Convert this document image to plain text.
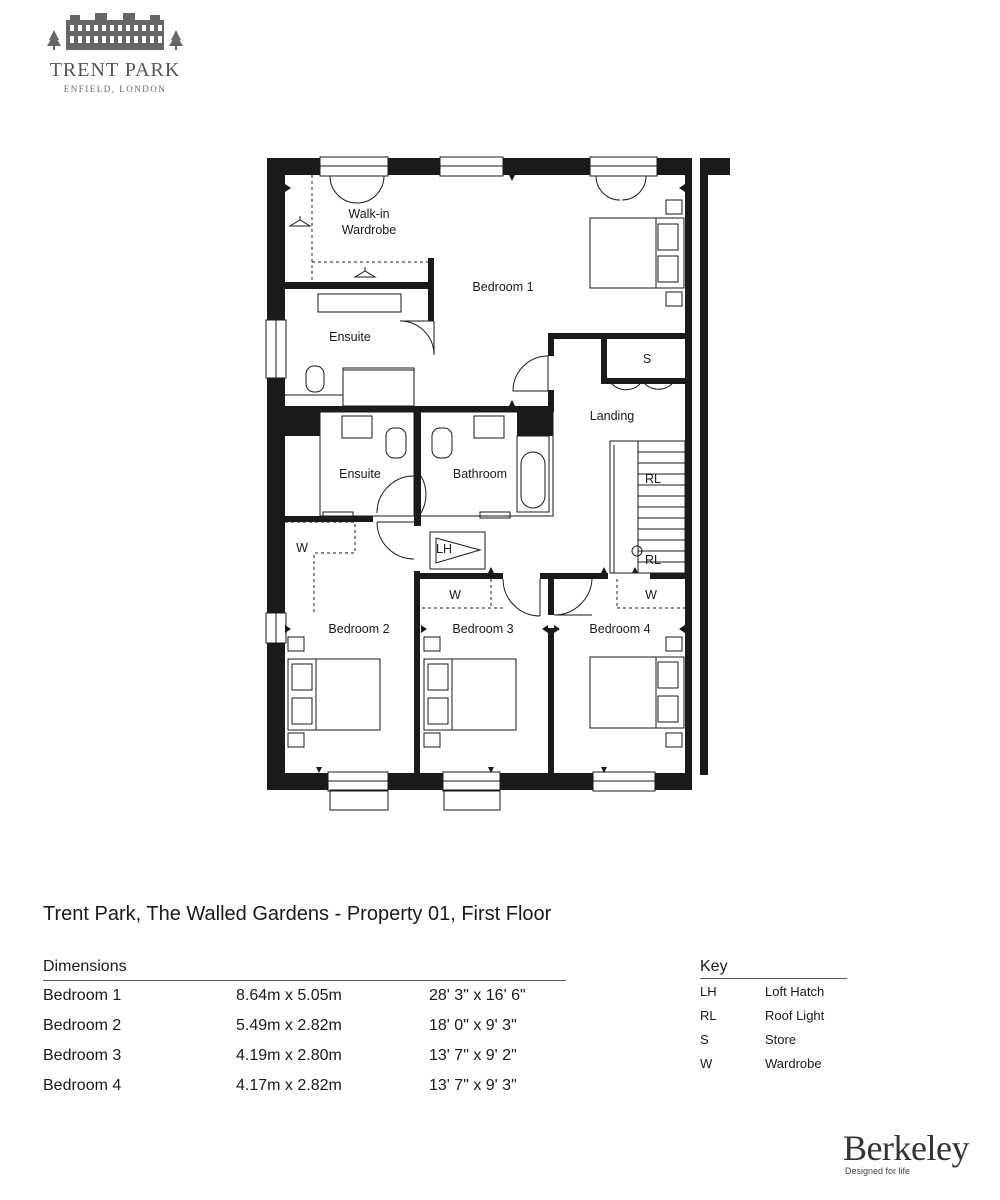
TRENT PARK
ENFIELD, LONDON
Walk-in Wardrobe
Bedroom 1
Ensuite
S
Landing
Ensuite	Bathroom	RL
RL
LH
W
W	W
Bedroom 2	Bedroom 3	Bedroom 4
Trent Park, The Walled Gardens - Property 01, First Floor
Dimensions
Bedroom 1	8.64m x 5.05m	28' 3" x 16' 6"
Bedroom 2	5.49m x 2.82m	18' 0" x 9' 3"
Bedroom 3	4.19m x 2.80m	13' 7" x 9' 2"
Bedroom 4	4.17m x 2.82m	13' 7" x 9' 3"
Key
LH	Loft Hatch
RL	Roof Light
S	Store
W	Wardrobe
Berkeley
Designed for life
